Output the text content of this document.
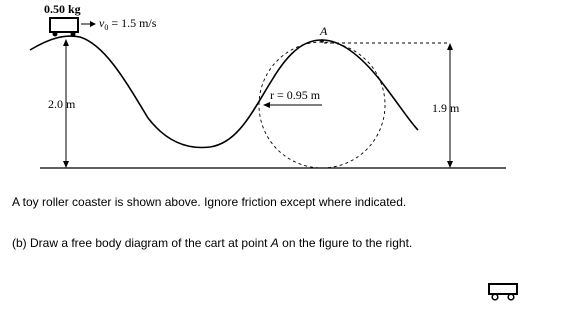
0.50 kg
$v_0 = 1.5$ m/s
A
r = 0.95 m
2.0 m	1.9 m
A toy roller coaster is shown above. Ignore friction except where indicated.
(b) Draw a free body diagram of the cart at point A on the figure to the right.
